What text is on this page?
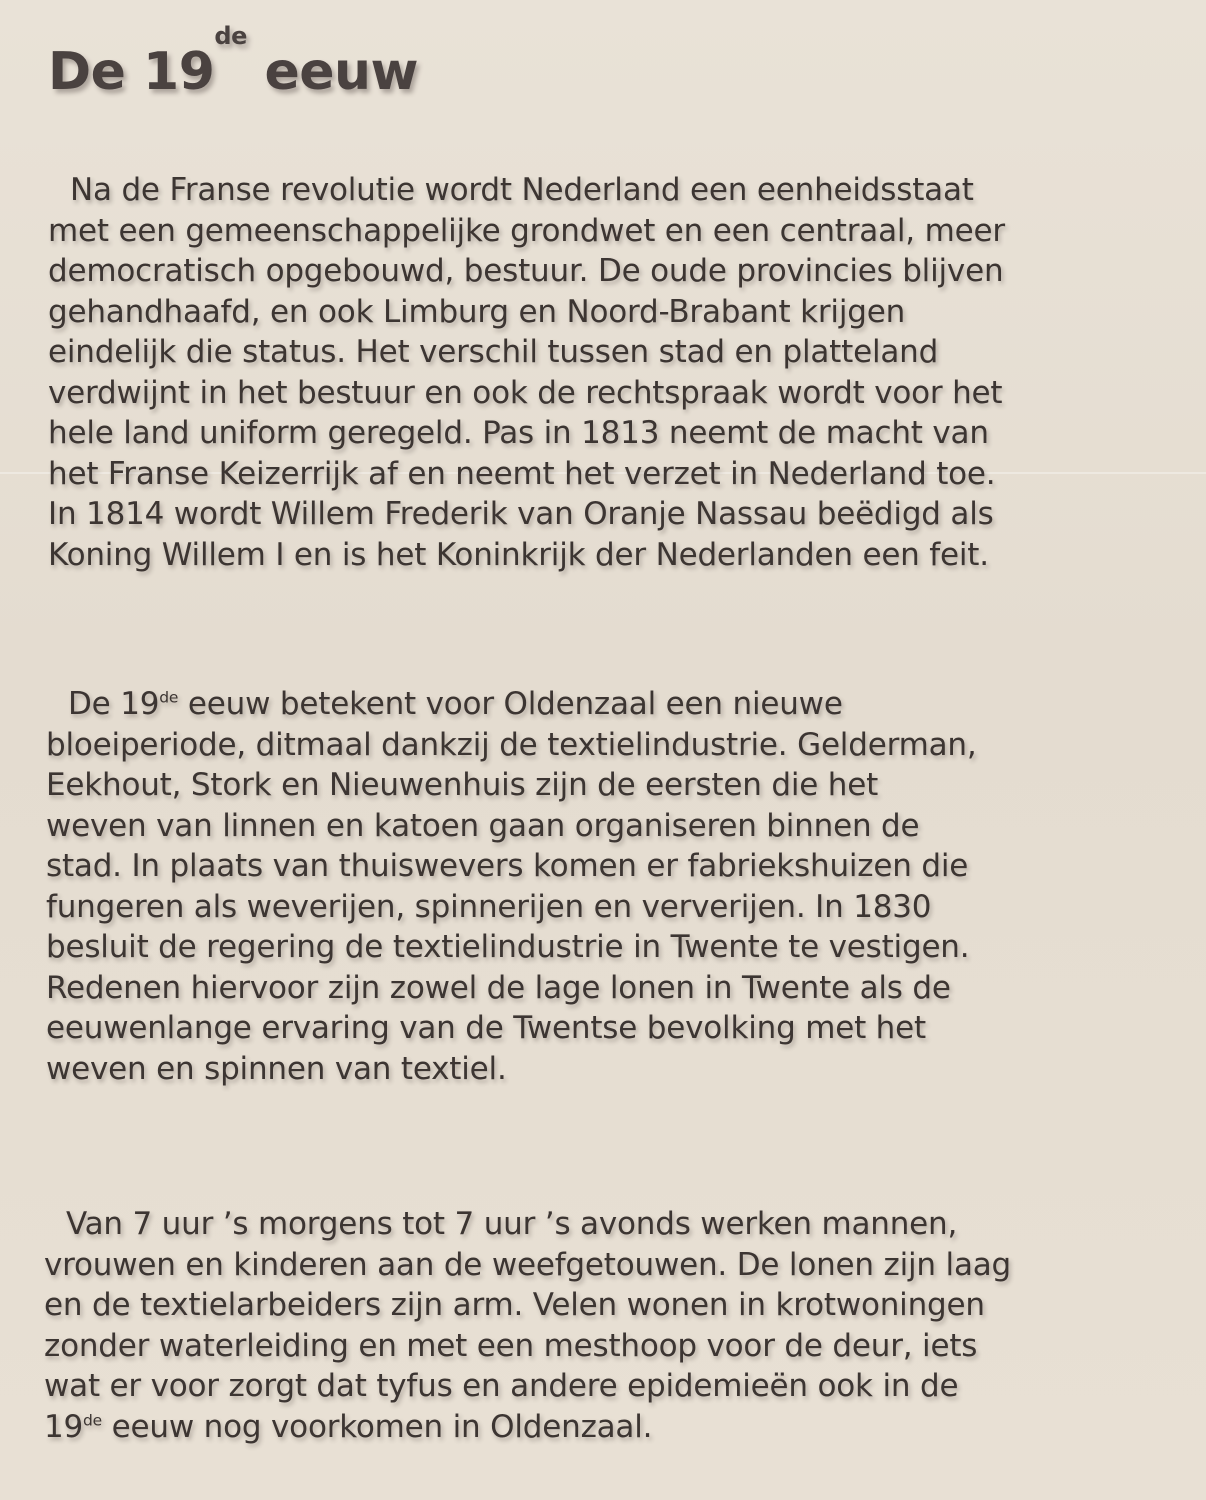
De 19de eeuw

Na de Franse revolutie wordt Nederland een eenheidsstaat
met een gemeenschappelijke grondwet en een centraal, meer
democratisch opgebouwd, bestuur. De oude provincies blijven
gehandhaafd, en ook Limburg en Noord-Brabant krijgen
eindelijk die status. Het verschil tussen stad en platteland
verdwijnt in het bestuur en ook de rechtspraak wordt voor het
hele land uniform geregeld. Pas in 1813 neemt de macht van
het Franse Keizerrijk af en neemt het verzet in Nederland toe.
In 1814 wordt Willem Frederik van Oranje Nassau beëdigd als
Koning Willem I en is het Koninkrijk der Nederlanden een feit.

De 19de eeuw betekent voor Oldenzaal een nieuwe
bloeiperiode, ditmaal dankzij de textielindustrie. Gelderman,
Eekhout, Stork en Nieuwenhuis zijn de eersten die het
weven van linnen en katoen gaan organiseren binnen de
stad. In plaats van thuiswevers komen er fabriekshuizen die
fungeren als weverijen, spinnerijen en ververijen. In 1830
besluit de regering de textielindustrie in Twente te vestigen.
Redenen hiervoor zijn zowel de lage lonen in Twente als de
eeuwenlange ervaring van de Twentse bevolking met het
weven en spinnen van textiel.

Van 7 uur ’s morgens tot 7 uur ’s avonds werken mannen,
vrouwen en kinderen aan de weefgetouwen. De lonen zijn laag
en de textielarbeiders zijn arm. Velen wonen in krotwoningen
zonder waterleiding en met een mesthoop voor de deur, iets
wat er voor zorgt dat tyfus en andere epidemieën ook in de
19de eeuw nog voorkomen in Oldenzaal.
